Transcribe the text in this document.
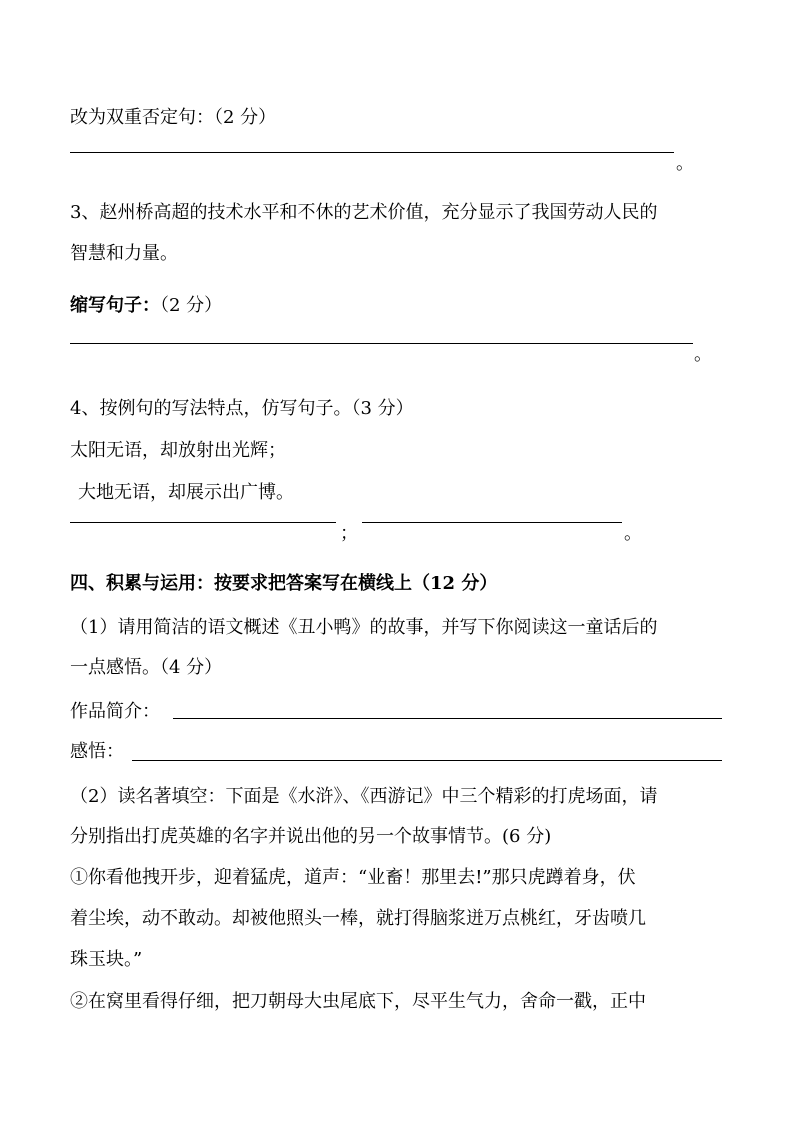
改为双重否定句：（2 分）
。
3、赵州桥高超的技术水平和不休的艺术价值，充分显示了我国劳动人民的
智慧和力量。
缩写句子：（2 分）
。
4、按例句的写法特点，仿写句子。（3 分）
太阳无语，却放射出光辉；
大地无语，却展示出广博。
；	。
四、积累与运用：按要求把答案写在横线上（12 分）
（1）请用简洁的语文概述《丑小鸭》的故事，并写下你阅读这一童话后的
一点感悟。（4 分）
作品简介：
感悟：
（2）读名著填空：下面是《水浒》、《西游记》中三个精彩的打虎场面，请
分别指出打虎英雄的名字并说出他的另一个故事情节。(6 分)
①你看他拽开步，迎着猛虎，道声：“业畜！那里去!”那只虎蹲着身，伏
着尘埃，动不敢动。却被他照头一棒，就打得脑浆迸万点桃红，牙齿喷几
珠玉块。”
②在窝里看得仔细，把刀朝母大虫尾底下，尽平生气力，舍命一戳，正中
